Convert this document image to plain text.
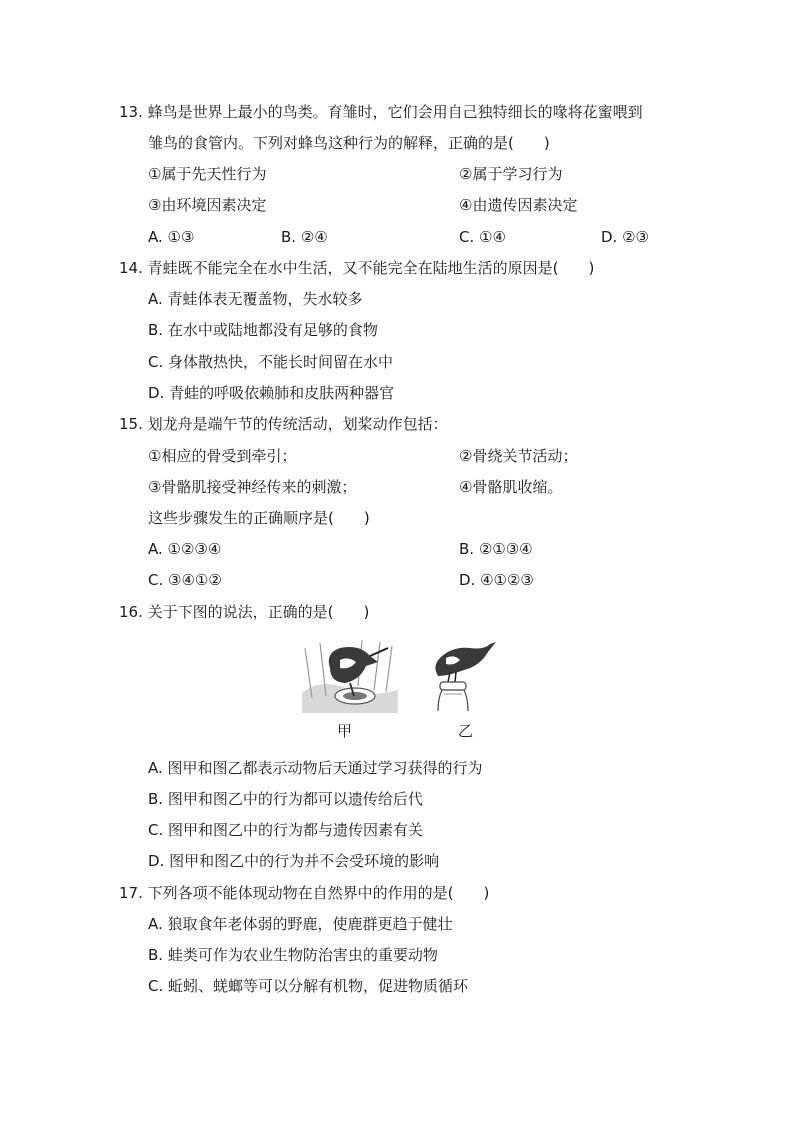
13. 蜂鸟是世界上最小的鸟类。育雏时，它们会用自己独特细长的喙将花蜜喂到
雏鸟的食管内。下列对蜂鸟这种行为的解释，正确的是(　　)
①属于先天性行为	②属于学习行为
③由环境因素决定	④由遗传因素决定
A. ①③	B. ②④	C. ①④	D. ②③
14. 青蛙既不能完全在水中生活，又不能完全在陆地生活的原因是(　　)
A. 青蛙体表无覆盖物，失水较多
B. 在水中或陆地都没有足够的食物
C. 身体散热快，不能长时间留在水中
D. 青蛙的呼吸依赖肺和皮肤两种器官
15. 划龙舟是端午节的传统活动，划桨动作包括：
①相应的骨受到牵引；	②骨绕关节活动；
③骨骼肌接受神经传来的刺激；	④骨骼肌收缩。
这些步骤发生的正确顺序是(　　)
A. ①②③④	B. ②①③④
C. ③④①②	D. ④①②③
16. 关于下图的说法，正确的是(　　)
甲	乙
A. 图甲和图乙都表示动物后天通过学习获得的行为
B. 图甲和图乙中的行为都可以遗传给后代
C. 图甲和图乙中的行为都与遗传因素有关
D. 图甲和图乙中的行为并不会受环境的影响
17. 下列各项不能体现动物在自然界中的作用的是(　　)
A. 狼取食年老体弱的野鹿，使鹿群更趋于健壮
B. 蛙类可作为农业生物防治害虫的重要动物
C. 蚯蚓、蜣螂等可以分解有机物，促进物质循环
